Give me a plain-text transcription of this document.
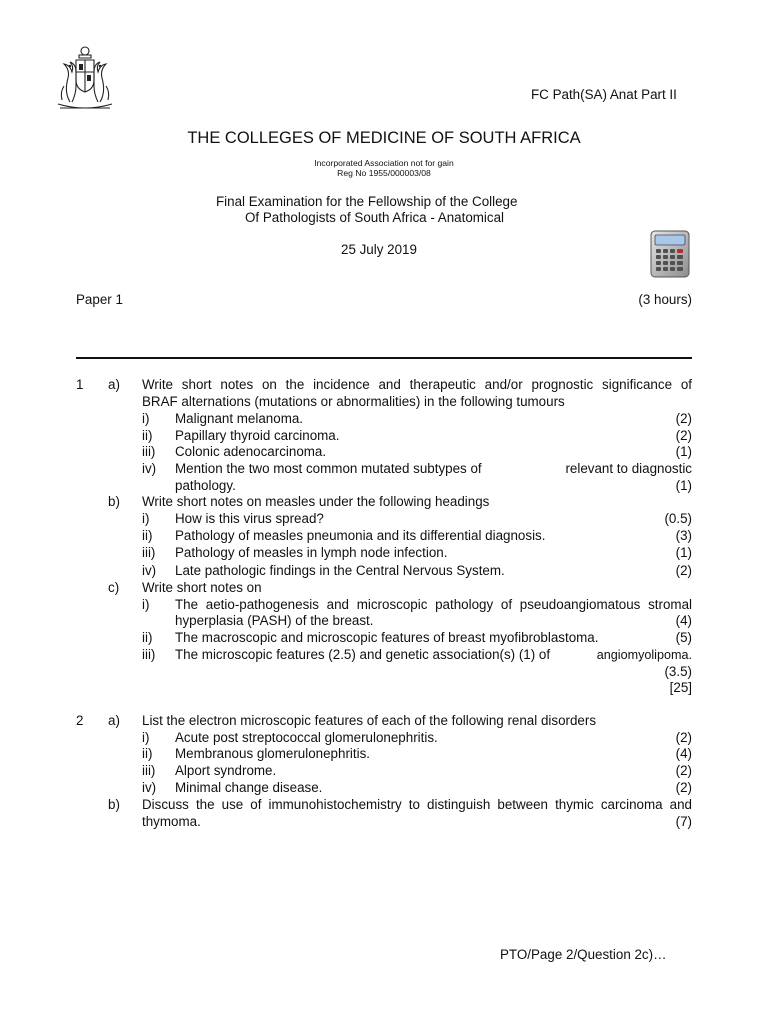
FC Path(SA) Anat Part II
THE COLLEGES OF MEDICINE OF SOUTH AFRICA
Incorporated Association not for gain
Reg No 1955/000003/08
Final Examination for the Fellowship of the College
Of Pathologists of South Africa - Anatomical
25 July 2019
Paper 1	(3 hours)
1 a) Write short notes on the incidence and therapeutic and/or prognostic significance of
BRAF alternations (mutations or abnormalities) in the following tumours
i) Malignant melanoma.	(2)
ii) Papillary thyroid carcinoma.	(2)
iii) Colonic adenocarcinoma.	(1)
iv) Mention the two most common mutated subtypes of	relevant to diagnostic
pathology.	(1)
b) Write short notes on measles under the following headings
i) How is this virus spread?	(0.5)
ii) Pathology of measles pneumonia and its differential diagnosis.	(3)
iii) Pathology of measles in lymph node infection.	(1)
iv) Late pathologic findings in the Central Nervous System.	(2)
c) Write short notes on
i) The aetio-pathogenesis and microscopic pathology of pseudoangiomatous stromal
hyperplasia (PASH) of the breast.	(4)
ii) The macroscopic and microscopic features of breast myofibroblastoma.	(5)
iii) The microscopic features (2.5) and genetic association(s) (1) of	angiomyolipoma.
(3.5)
[25]
2 a) List the electron microscopic features of each of the following renal disorders
i) Acute post streptococcal glomerulonephritis.	(2)
ii) Membranous glomerulonephritis.	(4)
iii) Alport syndrome.	(2)
iv) Minimal change disease.	(2)
b) Discuss the use of immunohistochemistry to distinguish between thymic carcinoma and
thymoma.	(7)
PTO/Page 2/Question 2c)…
